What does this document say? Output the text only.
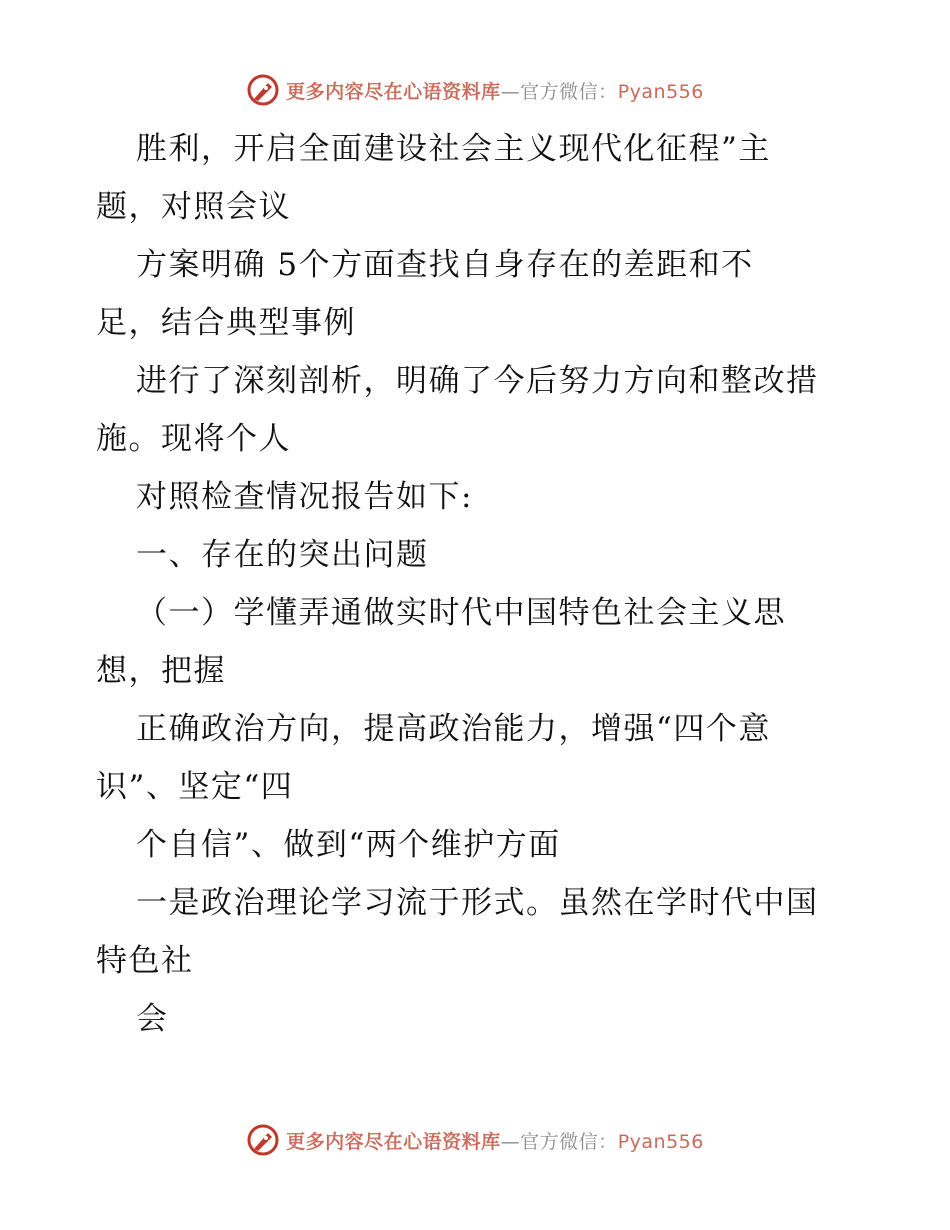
更多内容尽在心语资料库—官方微信：Pyan556
胜利，开启全面建设社会主义现代化征程”主
题，对照会议
方案明确 5个方面查找自身存在的差距和不
足，结合典型事例
进行了深刻剖析，明确了今后努力方向和整改措
施。现将个人
对照检查情况报告如下:
一、存在的突出问题
（一）学懂弄通做实时代中国特色社会主义思
想，把握
正确政治方向，提高政治能力，增强“四个意
识”、坚定“四
个自信”、做到“两个维护方面
一是政治理论学习流于形式。虽然在学时代中国
特色社
会
更多内容尽在心语资料库—官方微信：Pyan556
